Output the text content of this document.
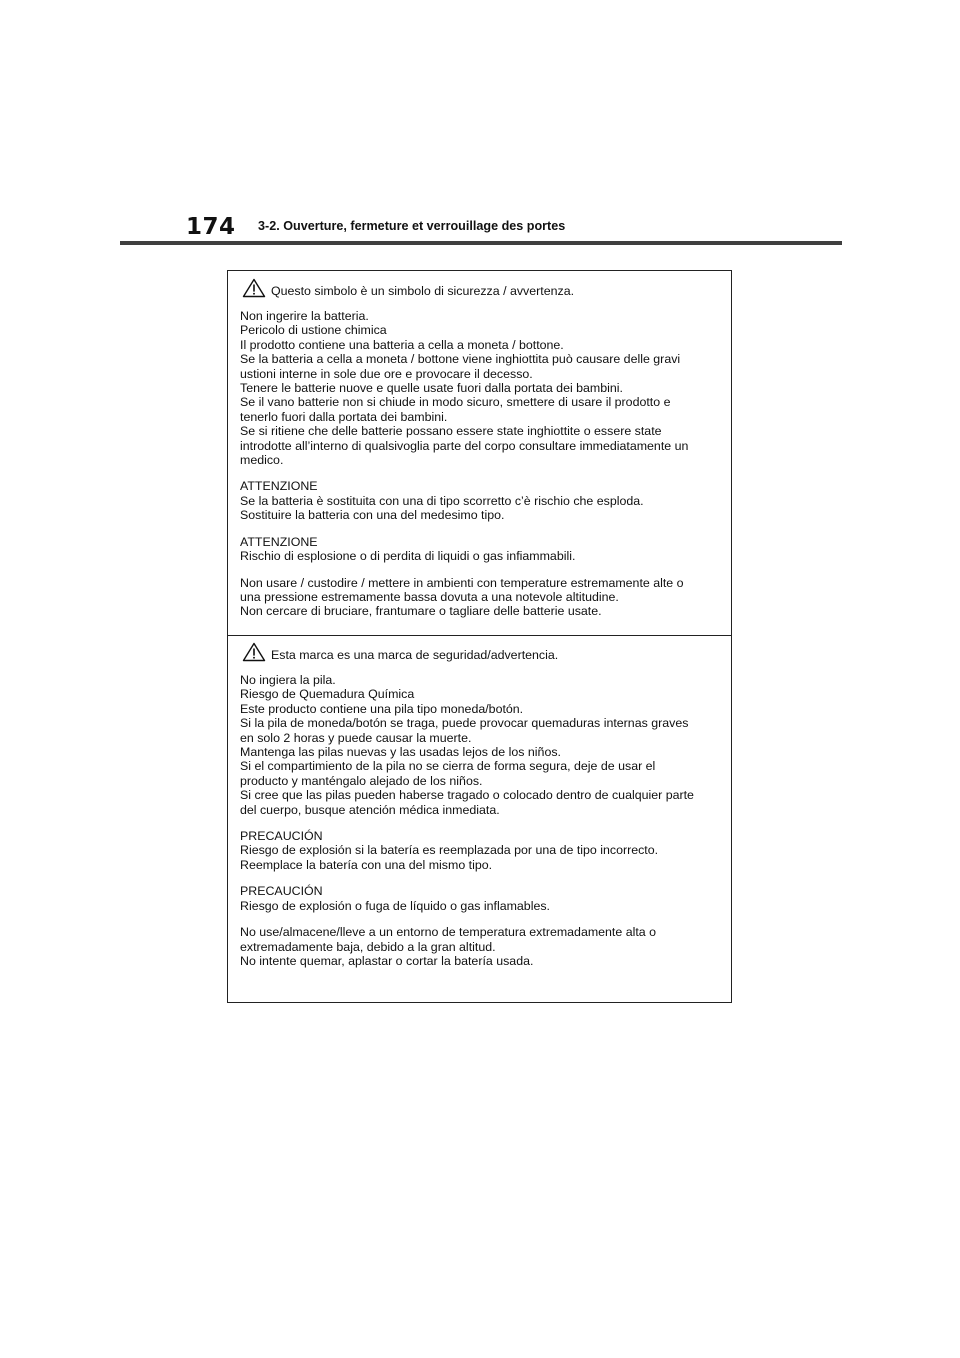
174 3-2. Ouverture, fermeture et verrouillage des portes
Questo simbolo è un simbolo di sicurezza / avvertenza.
Non ingerire la batteria.
Pericolo di ustione chimica
Il prodotto contiene una batteria a cella a moneta / bottone.
Se la batteria a cella a moneta / bottone viene inghiottita può causare delle gravi
ustioni interne in sole due ore e provocare il decesso.
Tenere le batterie nuove e quelle usate fuori dalla portata dei bambini.
Se il vano batterie non si chiude in modo sicuro, smettere di usare il prodotto e
tenerlo fuori dalla portata dei bambini.
Se si ritiene che delle batterie possano essere state inghiottite o essere state
introdotte all’interno di qualsivoglia parte del corpo consultare immediatamente un
medico.
ATTENZIONE
Se la batteria è sostituita con una di tipo scorretto c’è rischio che esploda.
Sostituire la batteria con una del medesimo tipo.
ATTENZIONE
Rischio di esplosione o di perdita di liquidi o gas infiammabili.
Non usare / custodire / mettere in ambienti con temperature estremamente alte o
una pressione estremamente bassa dovuta a una notevole altitudine.
Non cercare di bruciare, frantumare o tagliare delle batterie usate.
Esta marca es una marca de seguridad/advertencia.
No ingiera la pila.
Riesgo de Quemadura Química
Este producto contiene una pila tipo moneda/botón.
Si la pila de moneda/botón se traga, puede provocar quemaduras internas graves
en solo 2 horas y puede causar la muerte.
Mantenga las pilas nuevas y las usadas lejos de los niños.
Si el compartimiento de la pila no se cierra de forma segura, deje de usar el
producto y manténgalo alejado de los niños.
Si cree que las pilas pueden haberse tragado o colocado dentro de cualquier parte
del cuerpo, busque atención médica inmediata.
PRECAUCIÓN
Riesgo de explosión si la batería es reemplazada por una de tipo incorrecto.
Reemplace la batería con una del mismo tipo.
PRECAUCIÓN
Riesgo de explosión o fuga de líquido o gas inflamables.
No use/almacene/lleve a un entorno de temperatura extremadamente alta o
extremadamente baja, debido a la gran altitud.
No intente quemar, aplastar o cortar la batería usada.
